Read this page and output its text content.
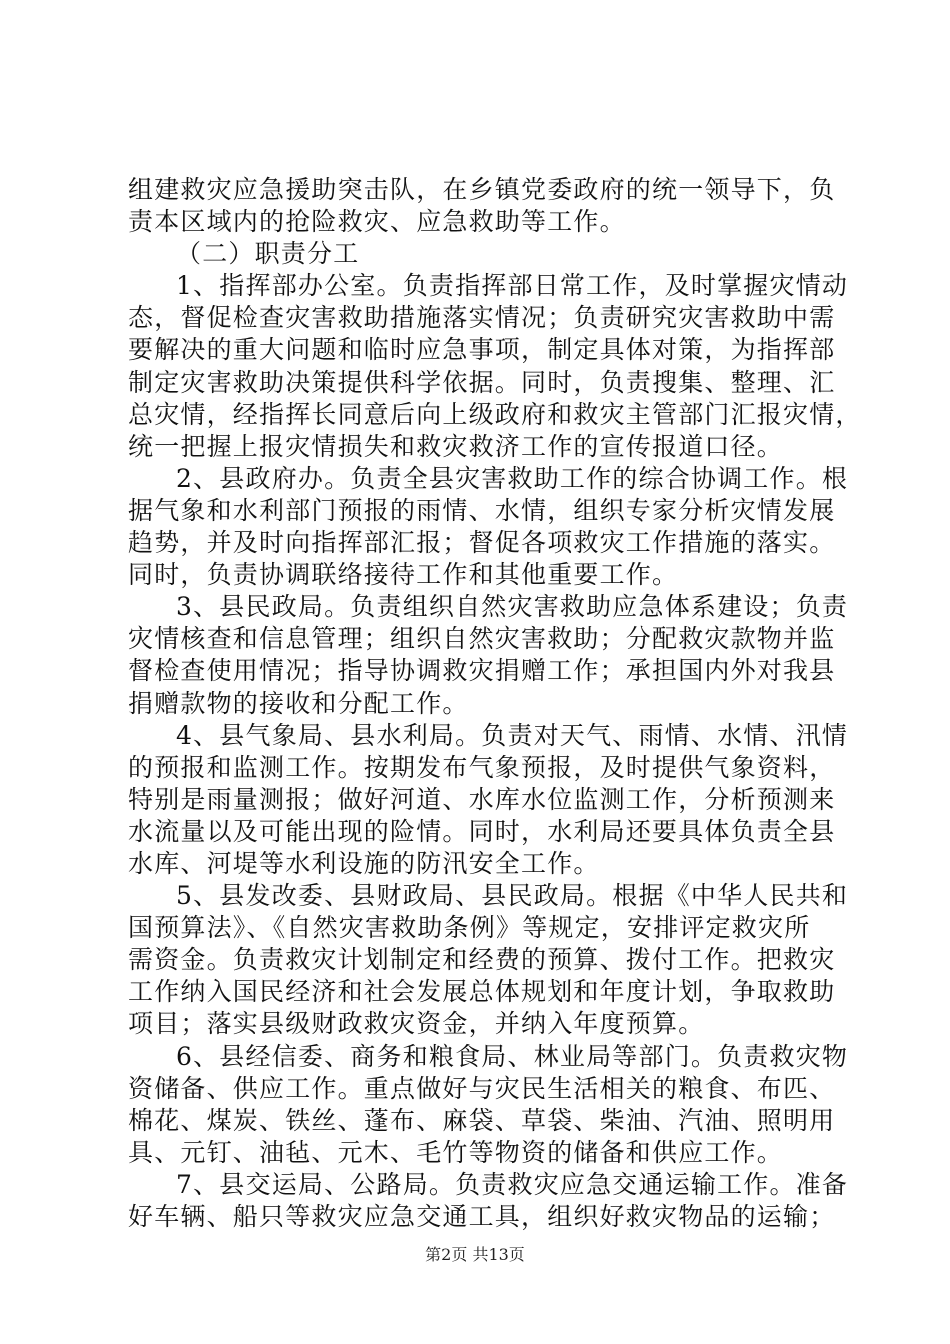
组建救灾应急援助突击队，在乡镇党委政府的统一领导下，负
责本区域内的抢险救灾、应急救助等工作。
（二）职责分工
1、指挥部办公室。负责指挥部日常工作，及时掌握灾情动
态，督促检查灾害救助措施落实情况；负责研究灾害救助中需
要解决的重大问题和临时应急事项，制定具体对策，为指挥部
制定灾害救助决策提供科学依据。同时，负责搜集、整理、汇
总灾情，经指挥长同意后向上级政府和救灾主管部门汇报灾情，
统一把握上报灾情损失和救灾救济工作的宣传报道口径。
2、县政府办。负责全县灾害救助工作的综合协调工作。根
据气象和水利部门预报的雨情、水情，组织专家分析灾情发展
趋势，并及时向指挥部汇报；督促各项救灾工作措施的落实。
同时，负责协调联络接待工作和其他重要工作。
3、县民政局。负责组织自然灾害救助应急体系建设；负责
灾情核查和信息管理；组织自然灾害救助；分配救灾款物并监
督检查使用情况；指导协调救灾捐赠工作；承担国内外对我县
捐赠款物的接收和分配工作。
4、县气象局、县水利局。负责对天气、雨情、水情、汛情
的预报和监测工作。按期发布气象预报，及时提供气象资料，
特别是雨量测报；做好河道、水库水位监测工作，分析预测来
水流量以及可能出现的险情。同时，水利局还要具体负责全县
水库、河堤等水利设施的防汛安全工作。
5、县发改委、县财政局、县民政局。根据《中华人民共和
国预算法》、《自然灾害救助条例》等规定，安排评定救灾所
需资金。负责救灾计划制定和经费的预算、拨付工作。把救灾
工作纳入国民经济和社会发展总体规划和年度计划，争取救助
项目；落实县级财政救灾资金，并纳入年度预算。
6、县经信委、商务和粮食局、林业局等部门。负责救灾物
资储备、供应工作。重点做好与灾民生活相关的粮食、布匹、
棉花、煤炭、铁丝、蓬布、麻袋、草袋、柴油、汽油、照明用
具、元钉、油毡、元木、毛竹等物资的储备和供应工作。
7、县交运局、公路局。负责救灾应急交通运输工作。准备
好车辆、船只等救灾应急交通工具，组织好救灾物品的运输；
第2页 共13页
